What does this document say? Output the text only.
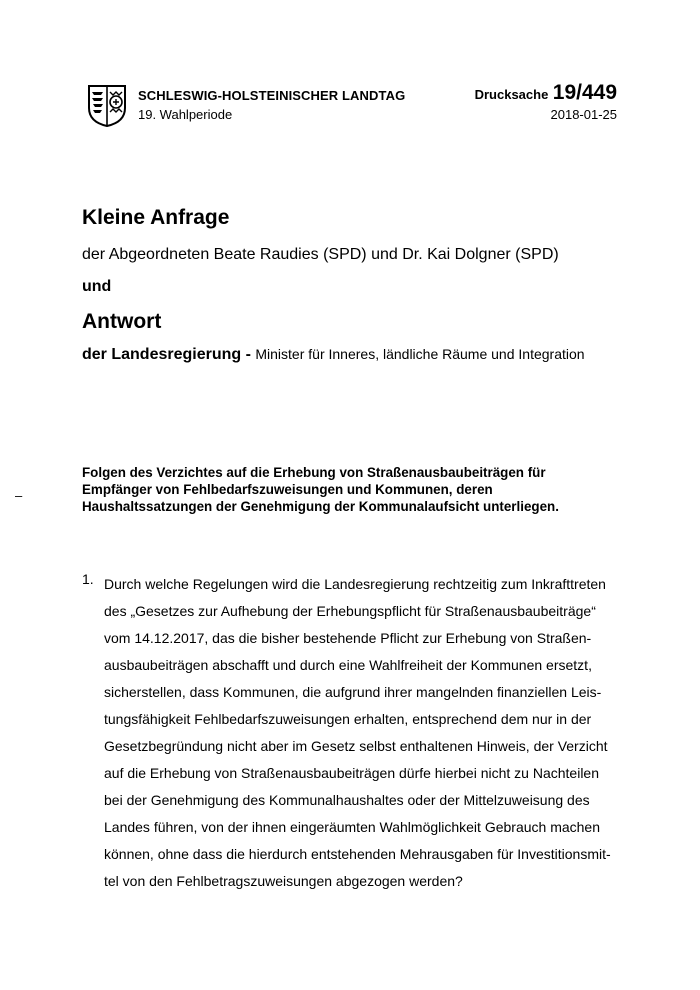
SCHLESWIG-HOLSTEINISCHER LANDTAG
19. Wahlperiode
Drucksache 19/449
2018-01-25
Kleine Anfrage
der Abgeordneten Beate Raudies (SPD) und Dr. Kai Dolgner (SPD)
und
Antwort
der Landesregierung - Minister für Inneres, ländliche Räume und Integration
–
Folgen des Verzichtes auf die Erhebung von Straßenausbaubeiträgen für
Empfänger von Fehlbedarfszuweisungen und Kommunen, deren
Haushaltssatzungen der Genehmigung der Kommunalaufsicht unterliegen.
1. Durch welche Regelungen wird die Landesregierung rechtzeitig zum Inkrafttreten
des „Gesetzes zur Aufhebung der Erhebungspflicht für Straßenausbaubeiträge“
vom 14.12.2017, das die bisher bestehende Pflicht zur Erhebung von Straßen-
ausbaubeiträgen abschafft und durch eine Wahlfreiheit der Kommunen ersetzt,
sicherstellen, dass Kommunen, die aufgrund ihrer mangelnden finanziellen Leis-
tungsfähigkeit Fehlbedarfszuweisungen erhalten, entsprechend dem nur in der
Gesetzbegründung nicht aber im Gesetz selbst enthaltenen Hinweis, der Verzicht
auf die Erhebung von Straßenausbaubeiträgen dürfe hierbei nicht zu Nachteilen
bei der Genehmigung des Kommunalhaushaltes oder der Mittelzuweisung des
Landes führen, von der ihnen eingeräumten Wahlmöglichkeit Gebrauch machen
können, ohne dass die hierdurch entstehenden Mehrausgaben für Investitionsmit-
tel von den Fehlbetragszuweisungen abgezogen werden?
